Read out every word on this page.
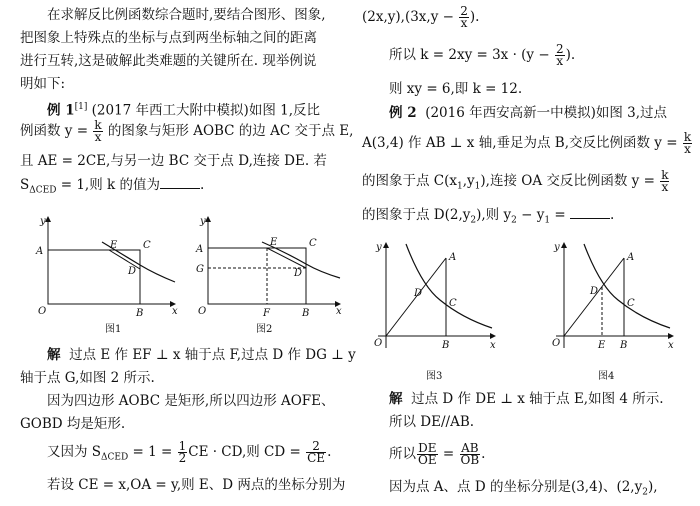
在求解反比例函数综合题时,要结合图形、图象,
把图象上特殊点的坐标与点到两坐标轴之间的距离
进行互转,这是破解此类难题的关键所在. 现举例说
明如下:
例 1[1] (2017 年西工大附中模拟)如图 1,反比
例函数 $y = \frac{k}{x}$ 的图象与矩形 AOBC 的边 AC 交于点 E,
且 AE = 2CE,与另一边 BC 交于点 D,连接 DE. 若
$S_{\Delta CED} = 1$,则 k 的值为	.
y
A
O	B
C
E
D
x
图1
y
A
G
O	F	B
C
E
D
x
图2
解 过点 E 作 EF ⊥ x 轴于点 F,过点 D 作 DG ⊥ y
轴于点 G,如图 2 所示.
因为四边形 AOBC 是矩形,所以四边形 AOFE、
GOBD 均是矩形.
又因为 $S_{\Delta CED} = 1 = \frac{1}{2}$ CE · CD,则 CD = $\frac{2}{CE}$ .
若设 CE = x,OA = y,则 E、D 两点的坐标分别为
$(2x,y),(3x,y - \frac{2}{x}$ ).
所以 $k = 2xy = 3x \cdot (y - \frac{2}{x}$ ).
则 xy = 6,即 k = 12.
例 2 (2016 年西安高新一中模拟)如图 3,过点
A(3,4) 作 AB ⊥ x 轴,垂足为点 B,交反比例函数 $y = \frac{k}{x}$
的图象于点 $C(x_1,y_1)$,连接 OA 交反比例函数 $y = \frac{k}{x}$
的图象于点 $D(2,y_2)$,则 $y_2 - y_1$ =	.
y
O
A
D
C
B	x
图3
y
O
A
D
C
E B	x
图4
解 过点 D 作 DE ⊥ x 轴于点 E,如图 4 所示.
所以 DE//AB.
所以 $\frac{DE}{OE} = \frac{AB}{OB}$ .
因为点 A、点 D 的坐标分别是(3,4)、$(2,y_2)$,
